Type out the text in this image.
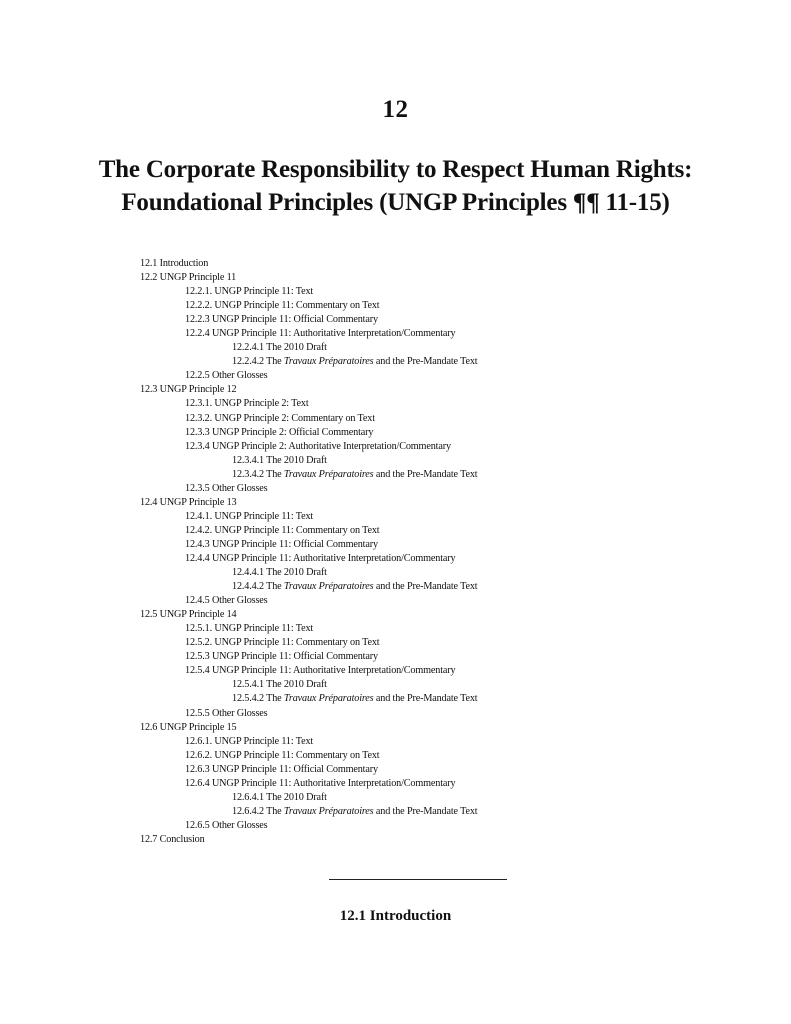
12
The Corporate Responsibility to Respect Human Rights:
Foundational Principles (UNGP Principles ¶¶ 11-15)
12.1 Introduction
12.2 UNGP Principle 11
12.2.1. UNGP Principle 11: Text
12.2.2. UNGP Principle 11: Commentary on Text
12.2.3 UNGP Principle 11: Official Commentary
12.2.4 UNGP Principle 11: Authoritative Interpretation/Commentary
12.2.4.1 The 2010 Draft
12.2.4.2 The Travaux Préparatoires and the Pre-Mandate Text
12.2.5 Other Glosses
12.3 UNGP Principle 12
12.3.1. UNGP Principle 2: Text
12.3.2. UNGP Principle 2: Commentary on Text
12.3.3 UNGP Principle 2: Official Commentary
12.3.4 UNGP Principle 2: Authoritative Interpretation/Commentary
12.3.4.1 The 2010 Draft
12.3.4.2 The Travaux Préparatoires and the Pre-Mandate Text
12.3.5 Other Glosses
12.4 UNGP Principle 13
12.4.1. UNGP Principle 11: Text
12.4.2. UNGP Principle 11: Commentary on Text
12.4.3 UNGP Principle 11: Official Commentary
12.4.4 UNGP Principle 11: Authoritative Interpretation/Commentary
12.4.4.1 The 2010 Draft
12.4.4.2 The Travaux Préparatoires and the Pre-Mandate Text
12.4.5 Other Glosses
12.5 UNGP Principle 14
12.5.1. UNGP Principle 11: Text
12.5.2. UNGP Principle 11: Commentary on Text
12.5.3 UNGP Principle 11: Official Commentary
12.5.4 UNGP Principle 11: Authoritative Interpretation/Commentary
12.5.4.1 The 2010 Draft
12.5.4.2 The Travaux Préparatoires and the Pre-Mandate Text
12.5.5 Other Glosses
12.6 UNGP Principle 15
12.6.1. UNGP Principle 11: Text
12.6.2. UNGP Principle 11: Commentary on Text
12.6.3 UNGP Principle 11: Official Commentary
12.6.4 UNGP Principle 11: Authoritative Interpretation/Commentary
12.6.4.1 The 2010 Draft
12.6.4.2 The Travaux Préparatoires and the Pre-Mandate Text
12.6.5 Other Glosses
12.7 Conclusion
12.1 Introduction
